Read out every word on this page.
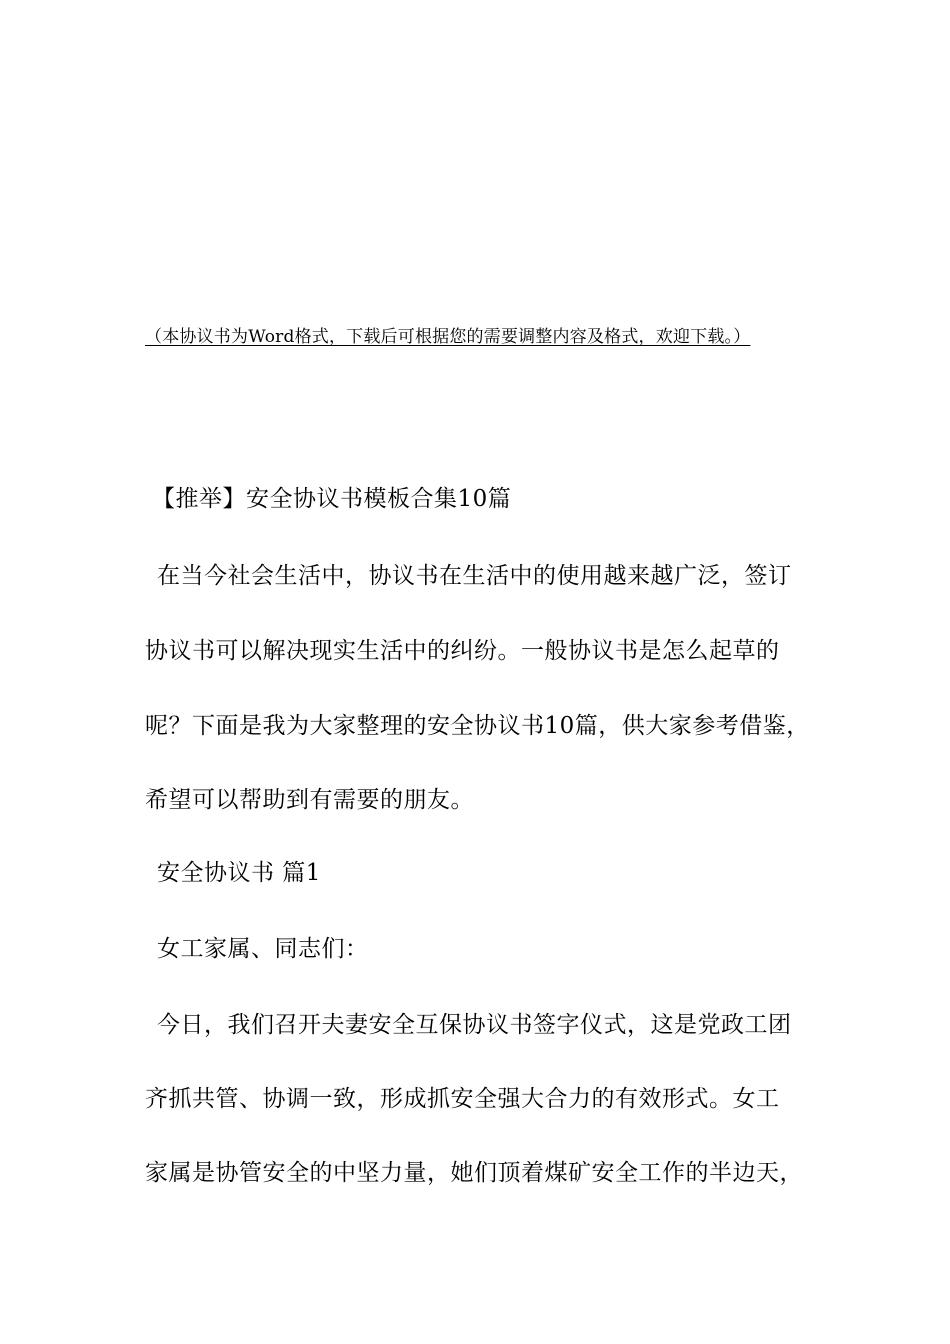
（本协议书为Word格式，下载后可根据您的需要调整内容及格式，欢迎下载。）
【推举】安全协议书模板合集10篇
在当今社会生活中，协议书在生活中的使用越来越广泛，签订
协议书可以解决现实生活中的纠纷。一般协议书是怎么起草的
呢？下面是我为大家整理的安全协议书10篇，供大家参考借鉴，
希望可以帮助到有需要的朋友。
安全协议书 篇1
女工家属、同志们：
今日，我们召开夫妻安全互保协议书签字仪式，这是党政工团
齐抓共管、协调一致，形成抓安全强大合力的有效形式。女工
家属是协管安全的中坚力量，她们顶着煤矿安全工作的半边天，
